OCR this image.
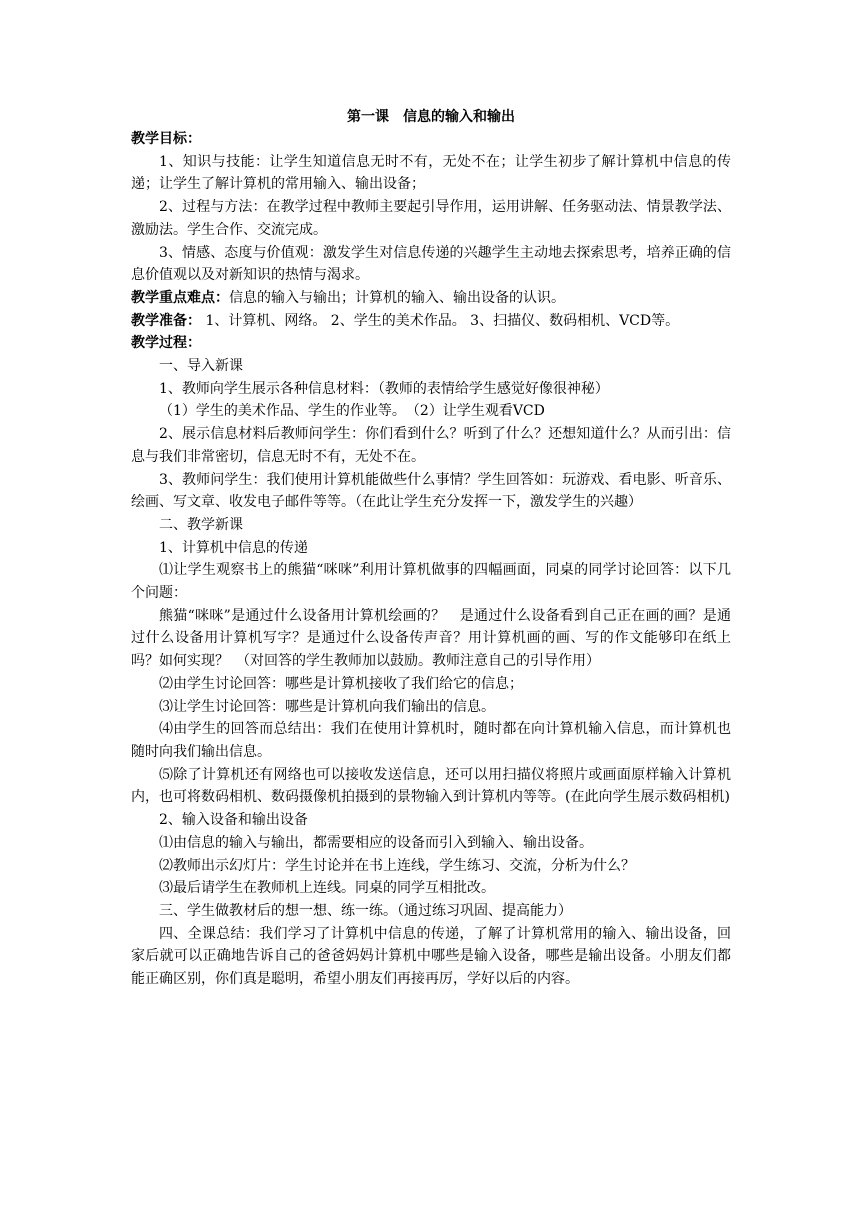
第一课　信息的输入和输出

教学目标：

1、知识与技能：让学生知道信息无时不有，无处不在；让学生初步了解计算机中信息的传递；让学生了解计算机的常用输入、输出设备；

2、过程与方法：在教学过程中教师主要起引导作用，运用讲解、任务驱动法、情景教学法、激励法。学生合作、交流完成。

3、情感、态度与价值观：激发学生对信息传递的兴趣学生主动地去探索思考，培养正确的信息价值观以及对新知识的热情与渴求。

教学重点难点：信息的输入与输出；计算机的输入、输出设备的认识。

教学准备： 1、计算机、网络。 2、学生的美术作品。 3、扫描仪、数码相机、VCD等。

教学过程：

一、导入新课

1、教师向学生展示各种信息材料：（教师的表情给学生感觉好像很神秘）

（1）学生的美术作品、学生的作业等。　（2）让学生观看VCD

2、展示信息材料后教师问学生：你们看到什么？听到了什么？还想知道什么？从而引出：信息与我们非常密切，信息无时不有，无处不在。

3、教师问学生：我们使用计算机能做些什么事情？学生回答如：玩游戏、看电影、听音乐、绘画、写文章、收发电子邮件等等。（在此让学生充分发挥一下，激发学生的兴趣）

二、教学新课

1、计算机中信息的传递

⑴让学生观察书上的熊猫“咪咪”利用计算机做事的四幅画面，同桌的同学讨论回答：以下几个问题：

熊猫“咪咪”是通过什么设备用计算机绘画的？　是通过什么设备看到自己正在画的画？是通过什么设备用计算机写字？是通过什么设备传声音？用计算机画的画、写的作文能够印在纸上吗？如何实现？　（对回答的学生教师加以鼓励。教师注意自己的引导作用）

⑵由学生讨论回答：哪些是计算机接收了我们给它的信息；

⑶让学生讨论回答：哪些是计算机向我们输出的信息。

⑷由学生的回答而总结出：我们在使用计算机时，随时都在向计算机输入信息，而计算机也随时向我们输出信息。

⑸除了计算机还有网络也可以接收发送信息，还可以用扫描仪将照片或画面原样输入计算机内，也可将数码相机、数码摄像机拍摄到的景物输入到计算机内等等。(在此向学生展示数码相机)

2、输入设备和输出设备

⑴由信息的输入与输出，都需要相应的设备而引入到输入、输出设备。

⑵教师出示幻灯片：学生讨论并在书上连线，学生练习、交流，分析为什么？

⑶最后请学生在教师机上连线。同桌的同学互相批改。

三、学生做教材后的想一想、练一练。（通过练习巩固、提高能力）

四、全课总结：我们学习了计算机中信息的传递，了解了计算机常用的输入、输出设备，回家后就可以正确地告诉自己的爸爸妈妈计算机中哪些是输入设备，哪些是输出设备。小朋友们都能正确区别，你们真是聪明，希望小朋友们再接再厉，学好以后的内容。
